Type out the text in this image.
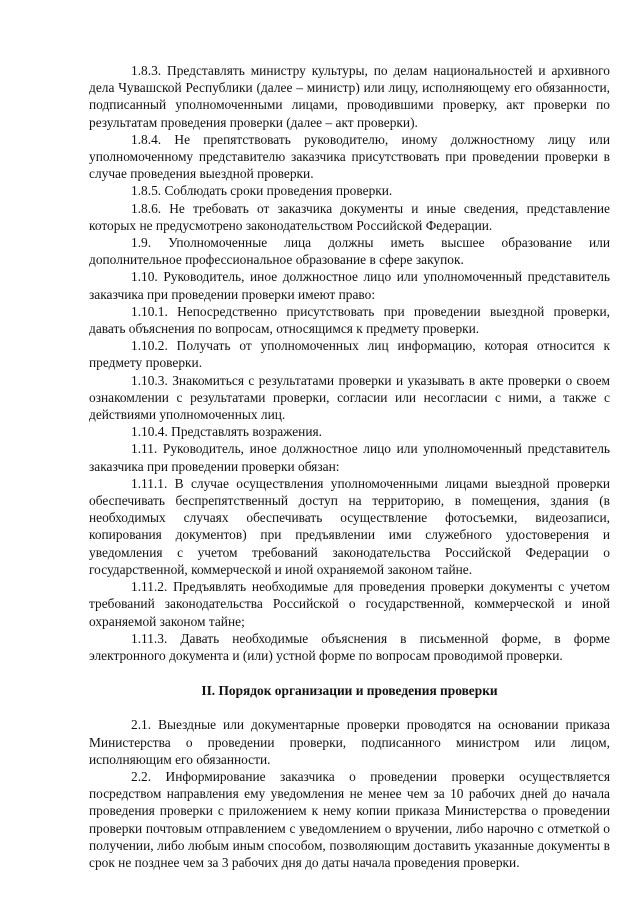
1.8.3. Представлять министру культуры, по делам национальностей и архивного дела Чувашской Республики (далее – министр) или лицу, исполняющему его обязанности, подписанный уполномоченными лицами, проводившими проверку, акт проверки по результатам проведения проверки (далее – акт проверки).

1.8.4. Не препятствовать руководителю, иному должностному лицу или уполномоченному представителю заказчика присутствовать при проведении проверки в случае проведения выездной проверки.

1.8.5. Соблюдать сроки проведения проверки.

1.8.6. Не требовать от заказчика документы и иные сведения, представление которых не предусмотрено законодательством Российской Федерации.

1.9. Уполномоченные лица должны иметь высшее образование или дополнительное профессиональное образование в сфере закупок.

1.10. Руководитель, иное должностное лицо или уполномоченный представитель заказчика при проведении проверки имеют право:

1.10.1. Непосредственно присутствовать при проведении выездной проверки, давать объяснения по вопросам, относящимся к предмету проверки.

1.10.2. Получать от уполномоченных лиц информацию, которая относится к предмету проверки.

1.10.3. Знакомиться с результатами проверки и указывать в акте проверки о своем ознакомлении с результатами проверки, согласии или несогласии с ними, а также с действиями уполномоченных лиц.

1.10.4. Представлять возражения.

1.11. Руководитель, иное должностное лицо или уполномоченный представитель заказчика при проведении проверки обязан:

1.11.1. В случае осуществления уполномоченными лицами выездной проверки обеспечивать беспрепятственный доступ на территорию, в помещения, здания (в необходимых случаях обеспечивать осуществление фотосъемки, видеозаписи, копирования документов) при предъявлении ими служебного удостоверения и уведомления с учетом требований законодательства Российской Федерации о государственной, коммерческой и иной охраняемой законом тайне.

1.11.2. Предъявлять необходимые для проведения проверки документы с учетом требований законодательства Российской о государственной, коммерческой и иной охраняемой законом тайне;

1.11.3. Давать необходимые объяснения в письменной форме, в форме электронного документа и (или) устной форме по вопросам проводимой проверки.

II. Порядок организации и проведения проверки

2.1. Выездные или документарные проверки проводятся на основании приказа Министерства о проведении проверки, подписанного министром или лицом, исполняющим его обязанности.

2.2. Информирование заказчика о проведении проверки осуществляется посредством направления ему уведомления не менее чем за 10 рабочих дней до начала проведения проверки с приложением к нему копии приказа Министерства о проведении проверки почтовым отправлением с уведомлением о вручении, либо нарочно с отметкой о получении, либо любым иным способом, позволяющим доставить указанные документы в срок не позднее чем за 3 рабочих дня до даты начала проведения проверки.
